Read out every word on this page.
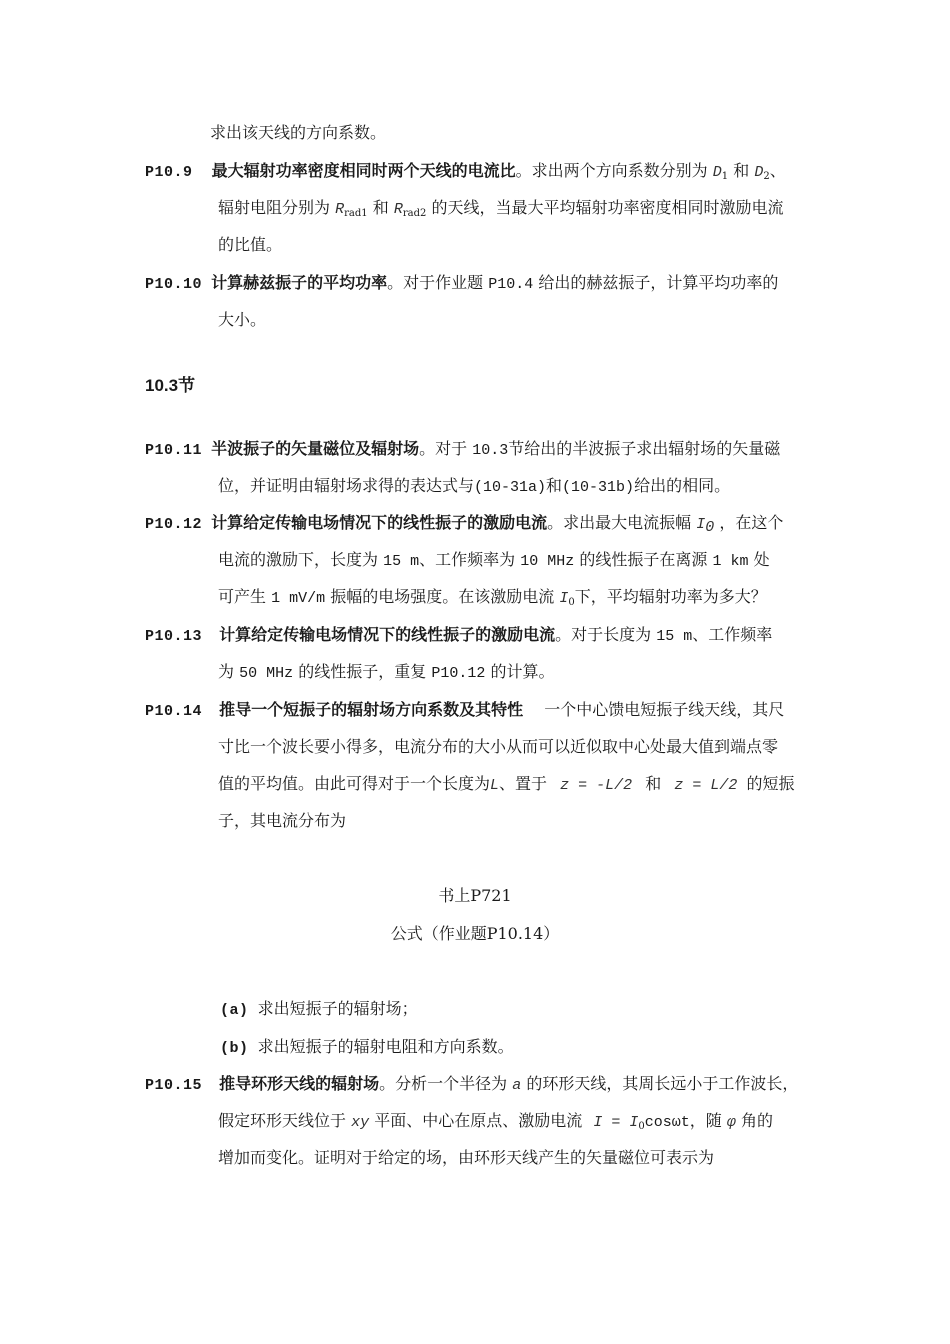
求出该天线的方向系数。
P10.9 最大辐射功率密度相同时两个天线的电流比。求出两个方向系数分别为 $D_1$ 和 $D_2$、
辐射电阻分别为 $R_{rad1}$ 和 $R_{rad2}$ 的天线，当最大平均辐射功率密度相同时激励电流
的比值。
P10.10 计算赫兹振子的平均功率。对于作业题 P10.4 给出的赫兹振子，计算平均功率的
大小。
10.3节
P10.11 半波振子的矢量磁位及辐射场。对于 10.3节给出的半波振子求出辐射场的矢量磁
位，并证明由辐射场求得的表达式与(10-31a)和(10-31b)给出的相同。
P10.12 计算给定传输电场情况下的线性振子的激励电流。求出最大电流振幅 $I_0$ ，在这个
电流的激励下，长度为 15 m、工作频率为 10 MHz 的线性振子在离源 1 km 处
可产生 1 mV/m 振幅的电场强度。在该激励电流 $I_0$下，平均辐射功率为多大？
P10.13 计算给定传输电场情况下的线性振子的激励电流。对于长度为 15 m、工作频率
为 50 MHz 的线性振子，重复 P10.12 的计算。
P10.14 推导一个短振子的辐射场方向系数及其特性 一个中心馈电短振子线天线，其尺
寸比一个波长要小得多，电流分布的大小从而可以近似取中心处最大值到端点零
值的平均值。由此可得对于一个长度为L、置于 z = -L/2 和 z = L/2 的短振
子，其电流分布为
书上P721
公式（作业题P10.14）
(a) 求出短振子的辐射场；
(b) 求出短振子的辐射电阻和方向系数。
P10.15 推导环形天线的辐射场。分析一个半径为 a 的环形天线，其周长远小于工作波长，
假定环形天线位于 xy 平面、中心在原点、激励电流 $I = I_0\cos\omega t$，随 φ 角的
增加而变化。证明对于给定的场，由环形天线产生的矢量磁位可表示为
